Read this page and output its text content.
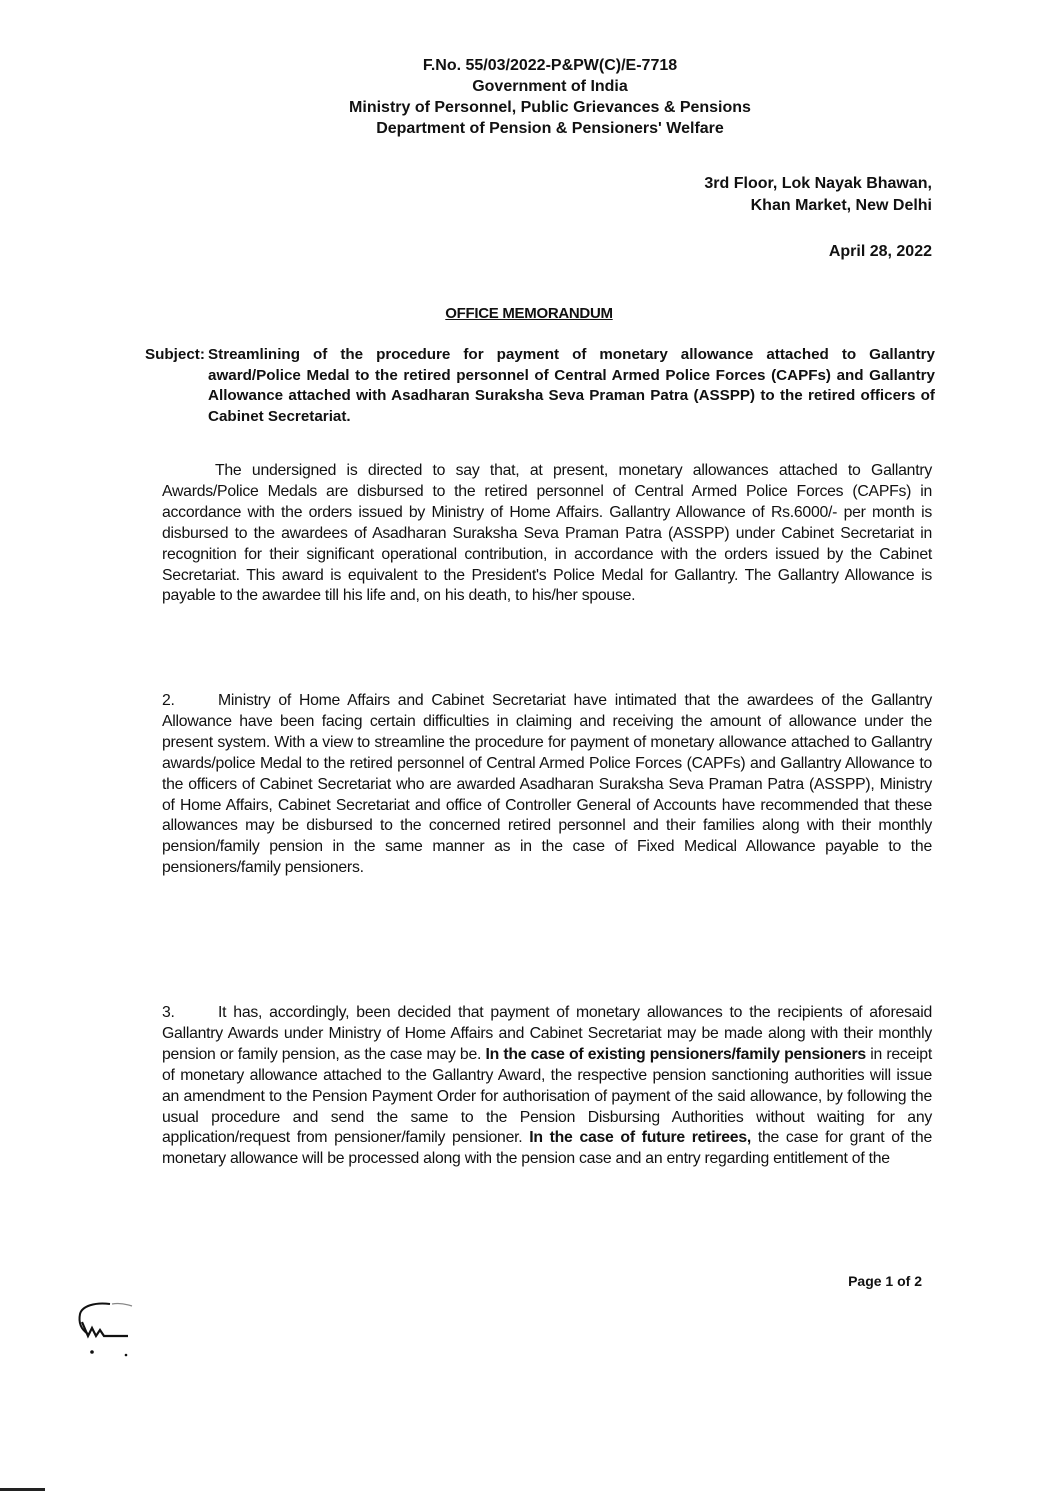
F.No. 55/03/2022-P&PW(C)/E-7718
Government of India
Ministry of Personnel, Public Grievances & Pensions
Department of Pension & Pensioners' Welfare
3rd Floor, Lok Nayak Bhawan,
Khan Market, New Delhi
April 28, 2022
OFFICE MEMORANDUM
Subject: Streamlining of the procedure for payment of monetary allowance attached to Gallantry award/Police Medal to the retired personnel of Central Armed Police Forces (CAPFs) and Gallantry Allowance attached with Asadharan Suraksha Seva Praman Patra (ASSPP) to the retired officers of Cabinet Secretariat.
The undersigned is directed to say that, at present, monetary allowances attached to Gallantry Awards/Police Medals are disbursed to the retired personnel of Central Armed Police Forces (CAPFs) in accordance with the orders issued by Ministry of Home Affairs. Gallantry Allowance of Rs.6000/- per month is disbursed to the awardees of Asadharan Suraksha Seva Praman Patra (ASSPP) under Cabinet Secretariat in recognition for their significant operational contribution, in accordance with the orders issued by the Cabinet Secretariat. This award is equivalent to the President's Police Medal for Gallantry. The Gallantry Allowance is payable to the awardee till his life and, on his death, to his/her spouse.
2.	Ministry of Home Affairs and Cabinet Secretariat have intimated that the awardees of the Gallantry Allowance have been facing certain difficulties in claiming and receiving the amount of allowance under the present system. With a view to streamline the procedure for payment of monetary allowance attached to Gallantry awards/police Medal to the retired personnel of Central Armed Police Forces (CAPFs) and Gallantry Allowance to the officers of Cabinet Secretariat who are awarded Asadharan Suraksha Seva Praman Patra (ASSPP), Ministry of Home Affairs, Cabinet Secretariat and office of Controller General of Accounts have recommended that these allowances may be disbursed to the concerned retired personnel and their families along with their monthly pension/family pension in the same manner as in the case of Fixed Medical Allowance payable to the pensioners/family pensioners.
3.	It has, accordingly, been decided that payment of monetary allowances to the recipients of aforesaid Gallantry Awards under Ministry of Home Affairs and Cabinet Secretariat may be made along with their monthly pension or family pension, as the case may be. In the case of existing pensioners/family pensioners in receipt of monetary allowance attached to the Gallantry Award, the respective pension sanctioning authorities will issue an amendment to the Pension Payment Order for authorisation of payment of the said allowance, by following the usual procedure and send the same to the Pension Disbursing Authorities without waiting for any application/request from pensioner/family pensioner. In the case of future retirees, the case for grant of the monetary allowance will be processed along with the pension case and an entry regarding entitlement of the
Page 1 of 2
